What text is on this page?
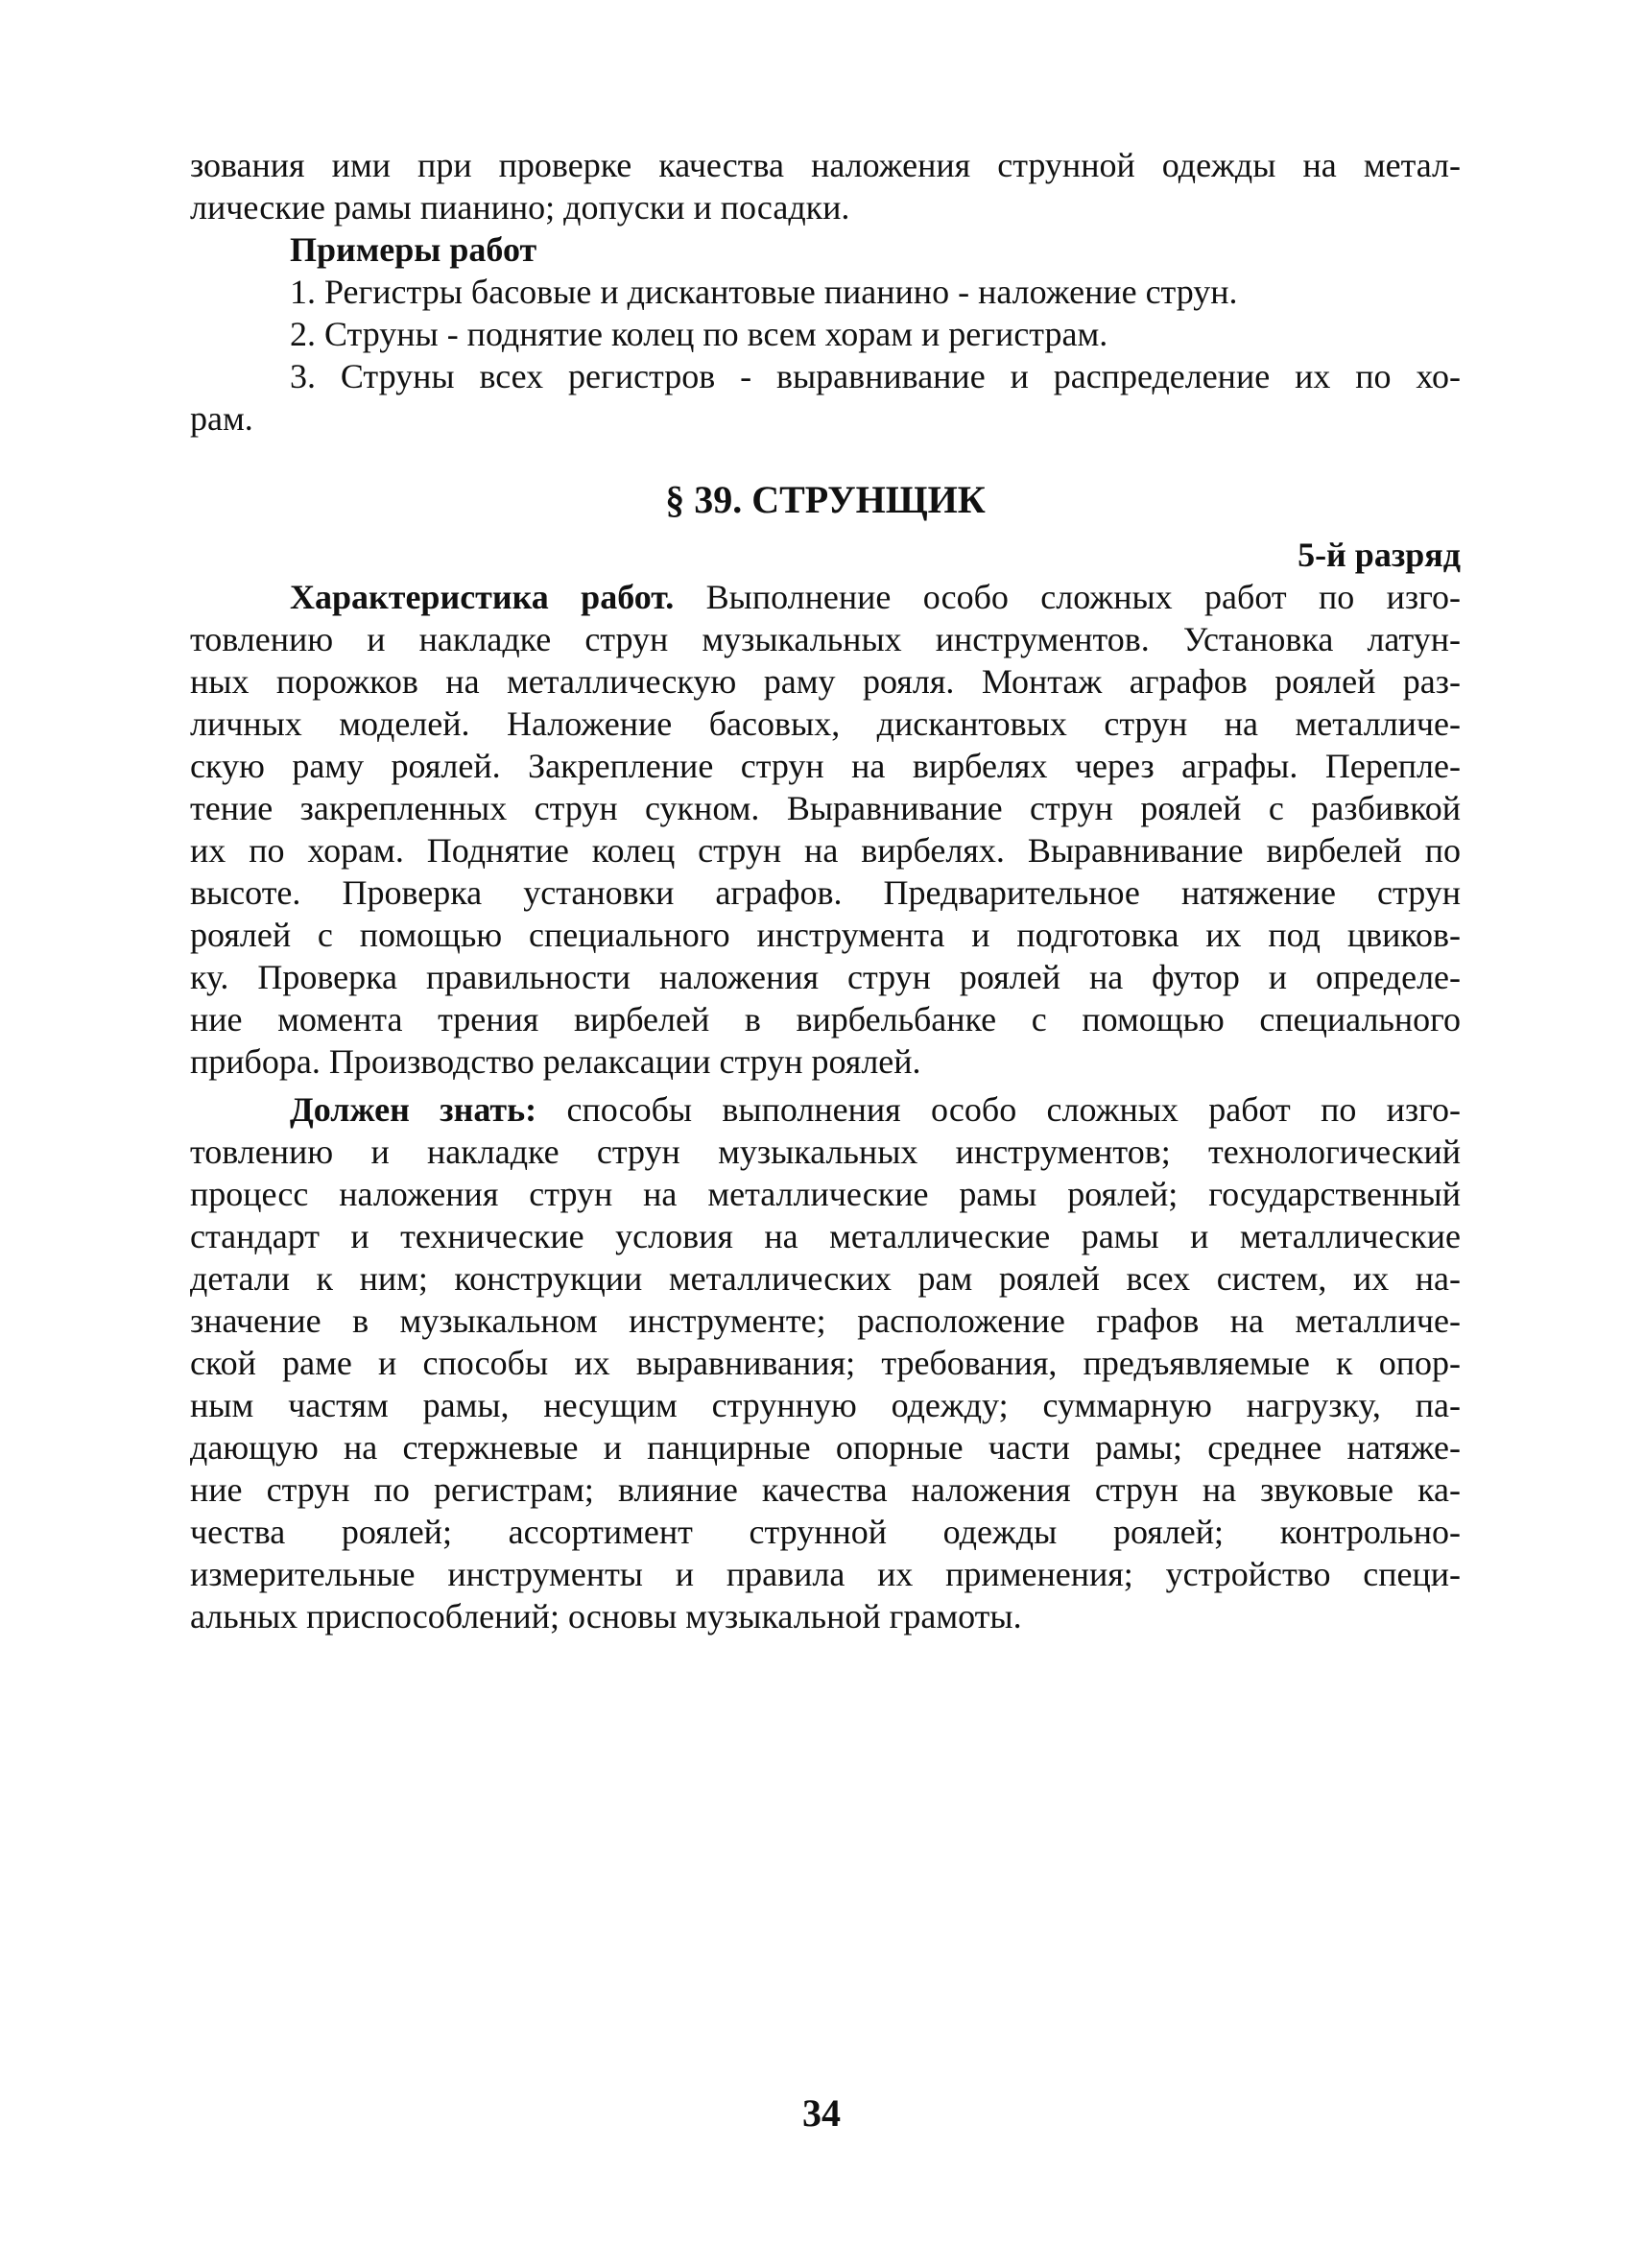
зования ими при проверке качества наложения струнной одежды на метал-
лические рамы пианино; допуски и посадки.
Примеры работ
1. Регистры басовые и дискантовые пианино - наложение струн.
2. Струны - поднятие колец по всем хорам и регистрам.
3. Струны всех регистров - выравнивание и распределение их по хо-
рам.
§ 39. СТРУНЩИК
5-й разряд
Характеристика работ. Выполнение особо сложных работ по изго-
товлению и накладке струн музыкальных инструментов. Установка латун-
ных порожков на металлическую раму рояля. Монтаж аграфов роялей раз-
личных моделей. Наложение басовых, дискантовых струн на металличе-
скую раму роялей. Закрепление струн на вирбелях через аграфы. Перепле-
тение закрепленных струн сукном. Выравнивание струн роялей с разбивкой
их по хорам. Поднятие колец струн на вирбелях. Выравнивание вирбелей по
высоте. Проверка установки аграфов. Предварительное натяжение струн
роялей с помощью специального инструмента и подготовка их под цвиков-
ку. Проверка правильности наложения струн роялей на футор и определе-
ние момента трения вирбелей в вирбельбанке с помощью специального
прибора. Производство релаксации струн роялей.
Должен знать: способы выполнения особо сложных работ по изго-
товлению и накладке струн музыкальных инструментов; технологический
процесс наложения струн на металлические рамы роялей; государственный
стандарт и технические условия на металлические рамы и металлические
детали к ним; конструкции металлических рам роялей всех систем, их на-
значение в музыкальном инструменте; расположение графов на металличе-
ской раме и способы их выравнивания; требования, предъявляемые к опор-
ным частям рамы, несущим струнную одежду; суммарную нагрузку, па-
дающую на стержневые и панцирные опорные части рамы; среднее натяже-
ние струн по регистрам; влияние качества наложения струн на звуковые ка-
чества роялей; ассортимент струнной одежды роялей; контрольно-
измерительные инструменты и правила их применения; устройство специ-
альных приспособлений; основы музыкальной грамоты.
34
